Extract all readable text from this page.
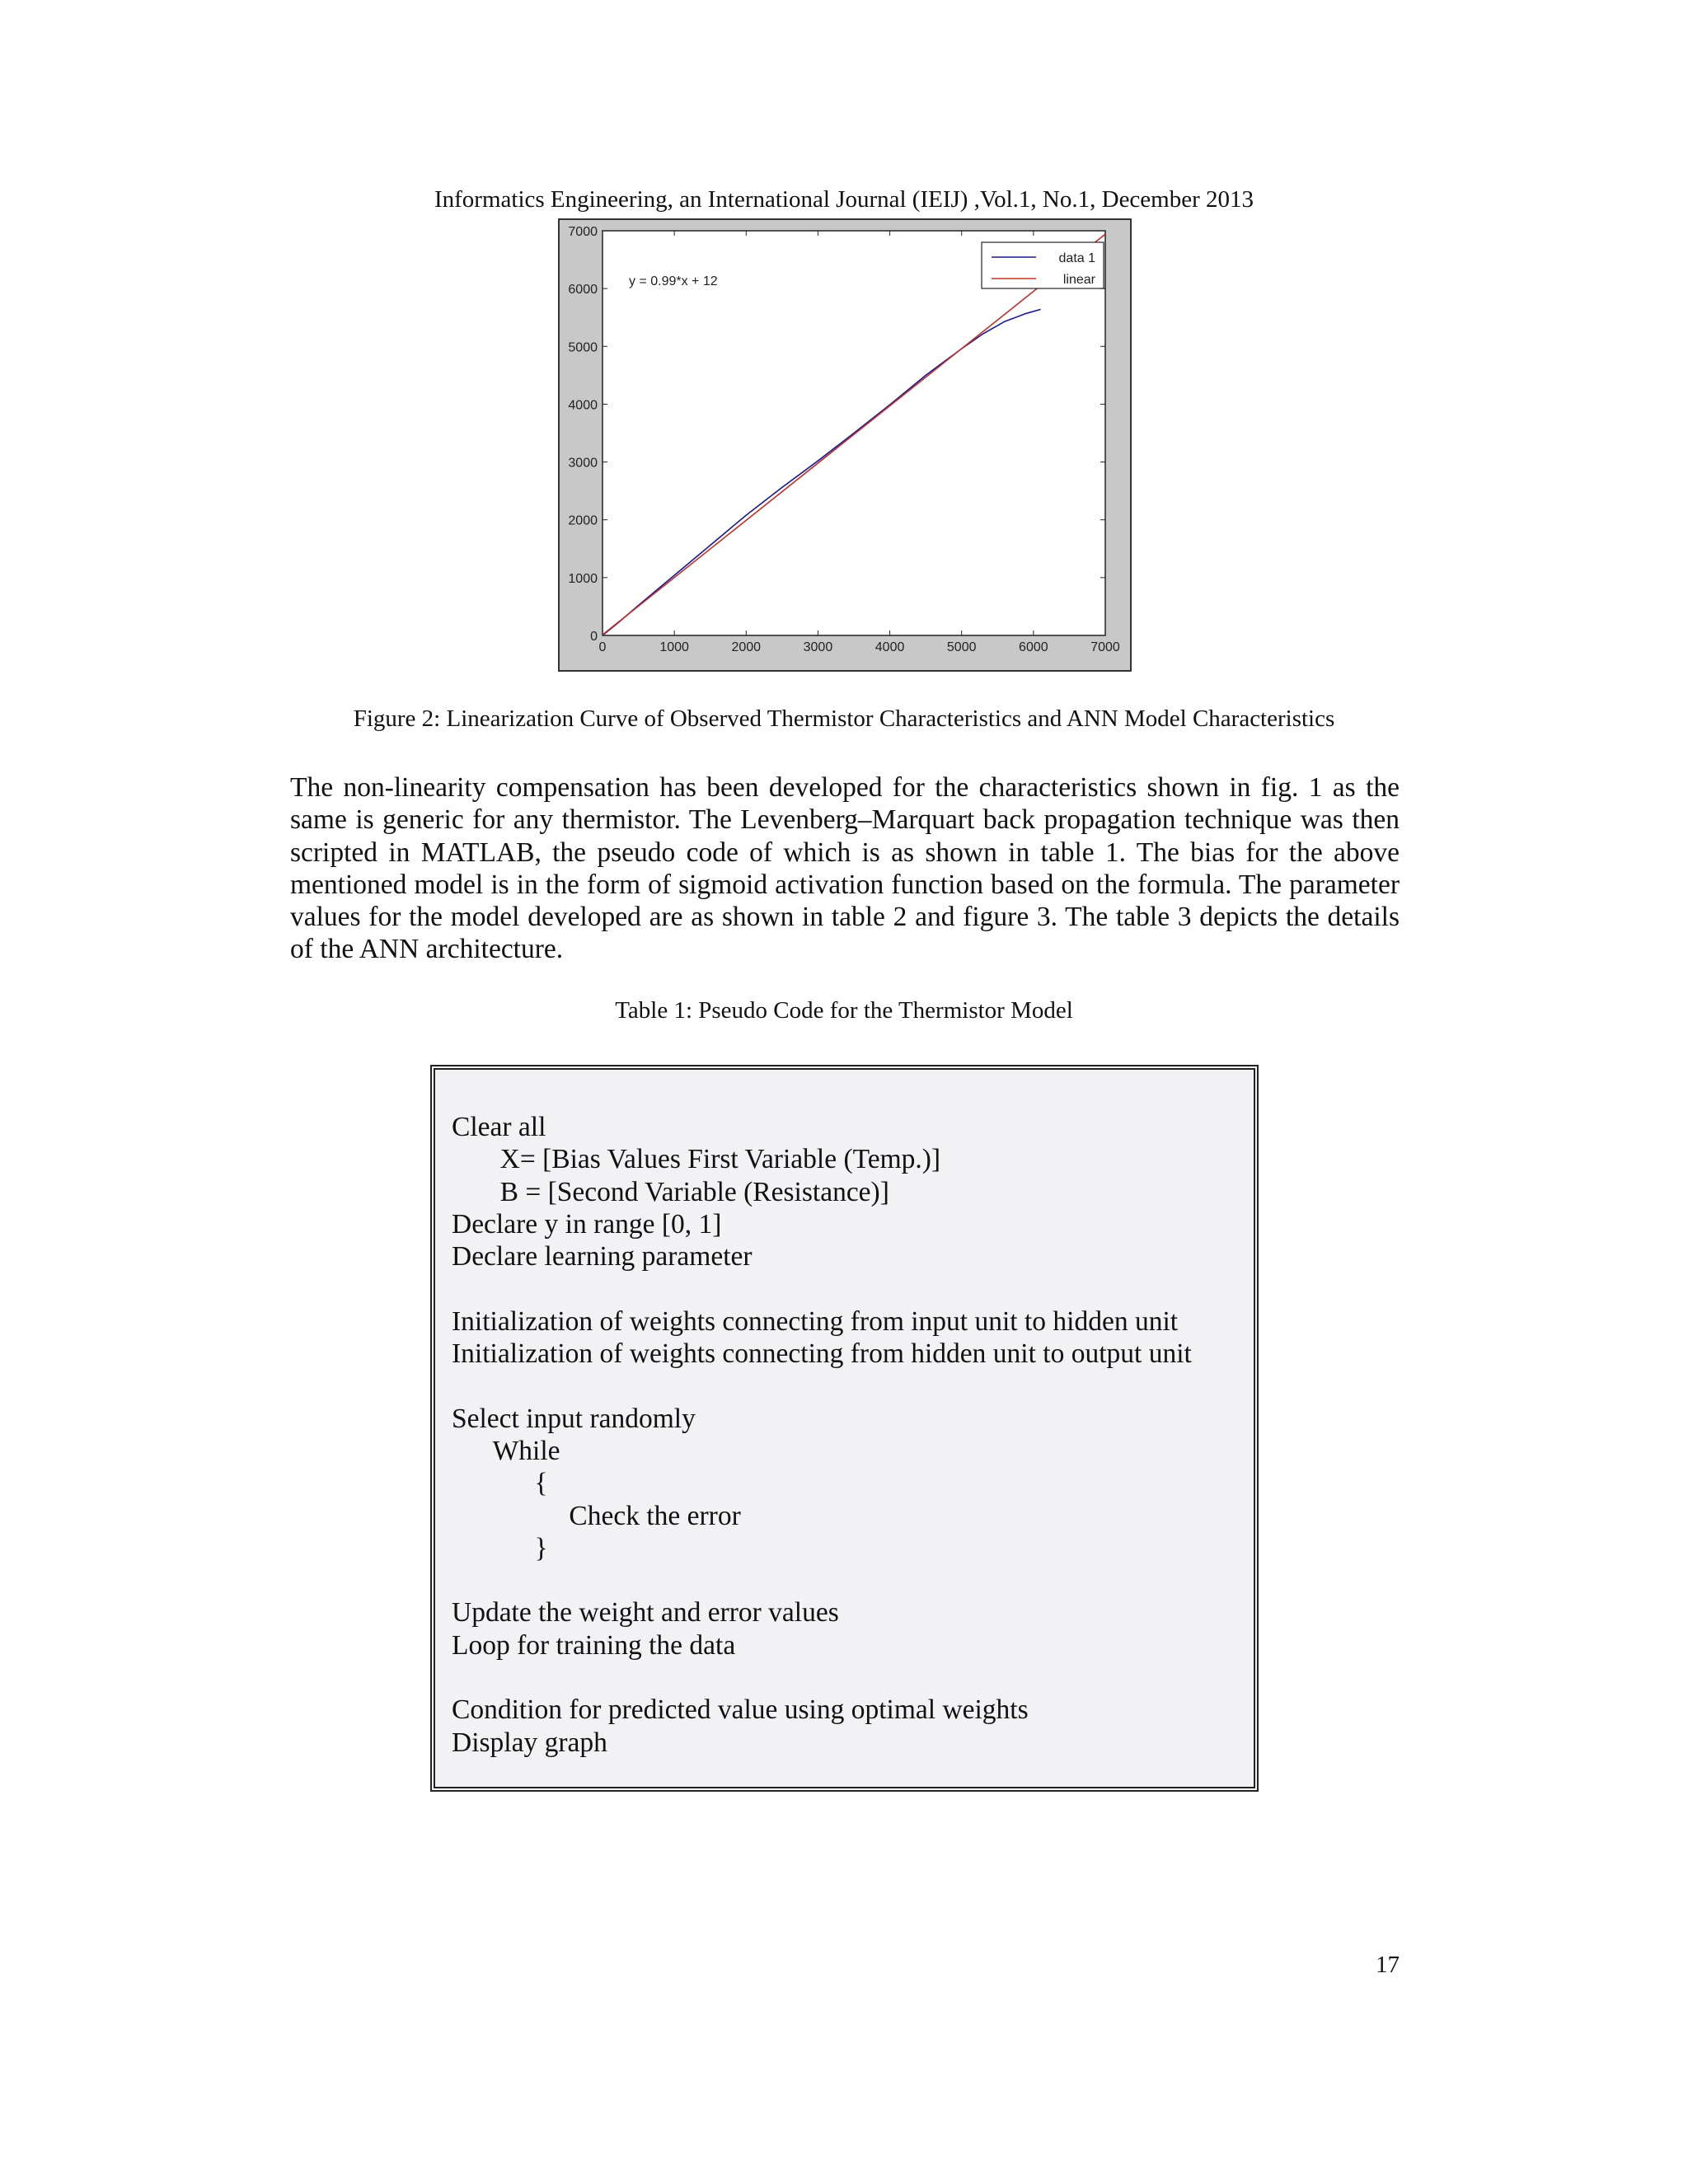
Informatics Engineering, an International Journal (IEIJ) ,Vol.1, No.1, December 2013
0	1000	2000	3000	4000	5000	6000	7000
0
1000
2000
3000
4000
5000
6000
7000
y = 0.99*x + 12
data 1
linear
Figure 2: Linearization Curve of Observed Thermistor Characteristics and ANN Model Characteristics
The non-linearity compensation has been developed for the characteristics shown in fig. 1 as the same is generic for any thermistor. The Levenberg–Marquart back propagation technique was then scripted in MATLAB, the pseudo code of which is as shown in table 1. The bias for the above mentioned model is in the form of sigmoid activation function based on the formula. The parameter values for the model developed are as shown in table 2 and figure 3. The table 3 depicts the details of the ANN architecture.
Table 1: Pseudo Code for the Thermistor Model
Clear all
X= [Bias Values First Variable (Temp.)]
B = [Second Variable (Resistance)]
Declare y in range [0, 1]
Declare learning parameter

Initialization of weights connecting from input unit to hidden unit
Initialization of weights connecting from hidden unit to output unit

Select input randomly
While
{
Check the error
}

Update the weight and error values
Loop for training the data

Condition for predicted value using optimal weights
Display graph
17
